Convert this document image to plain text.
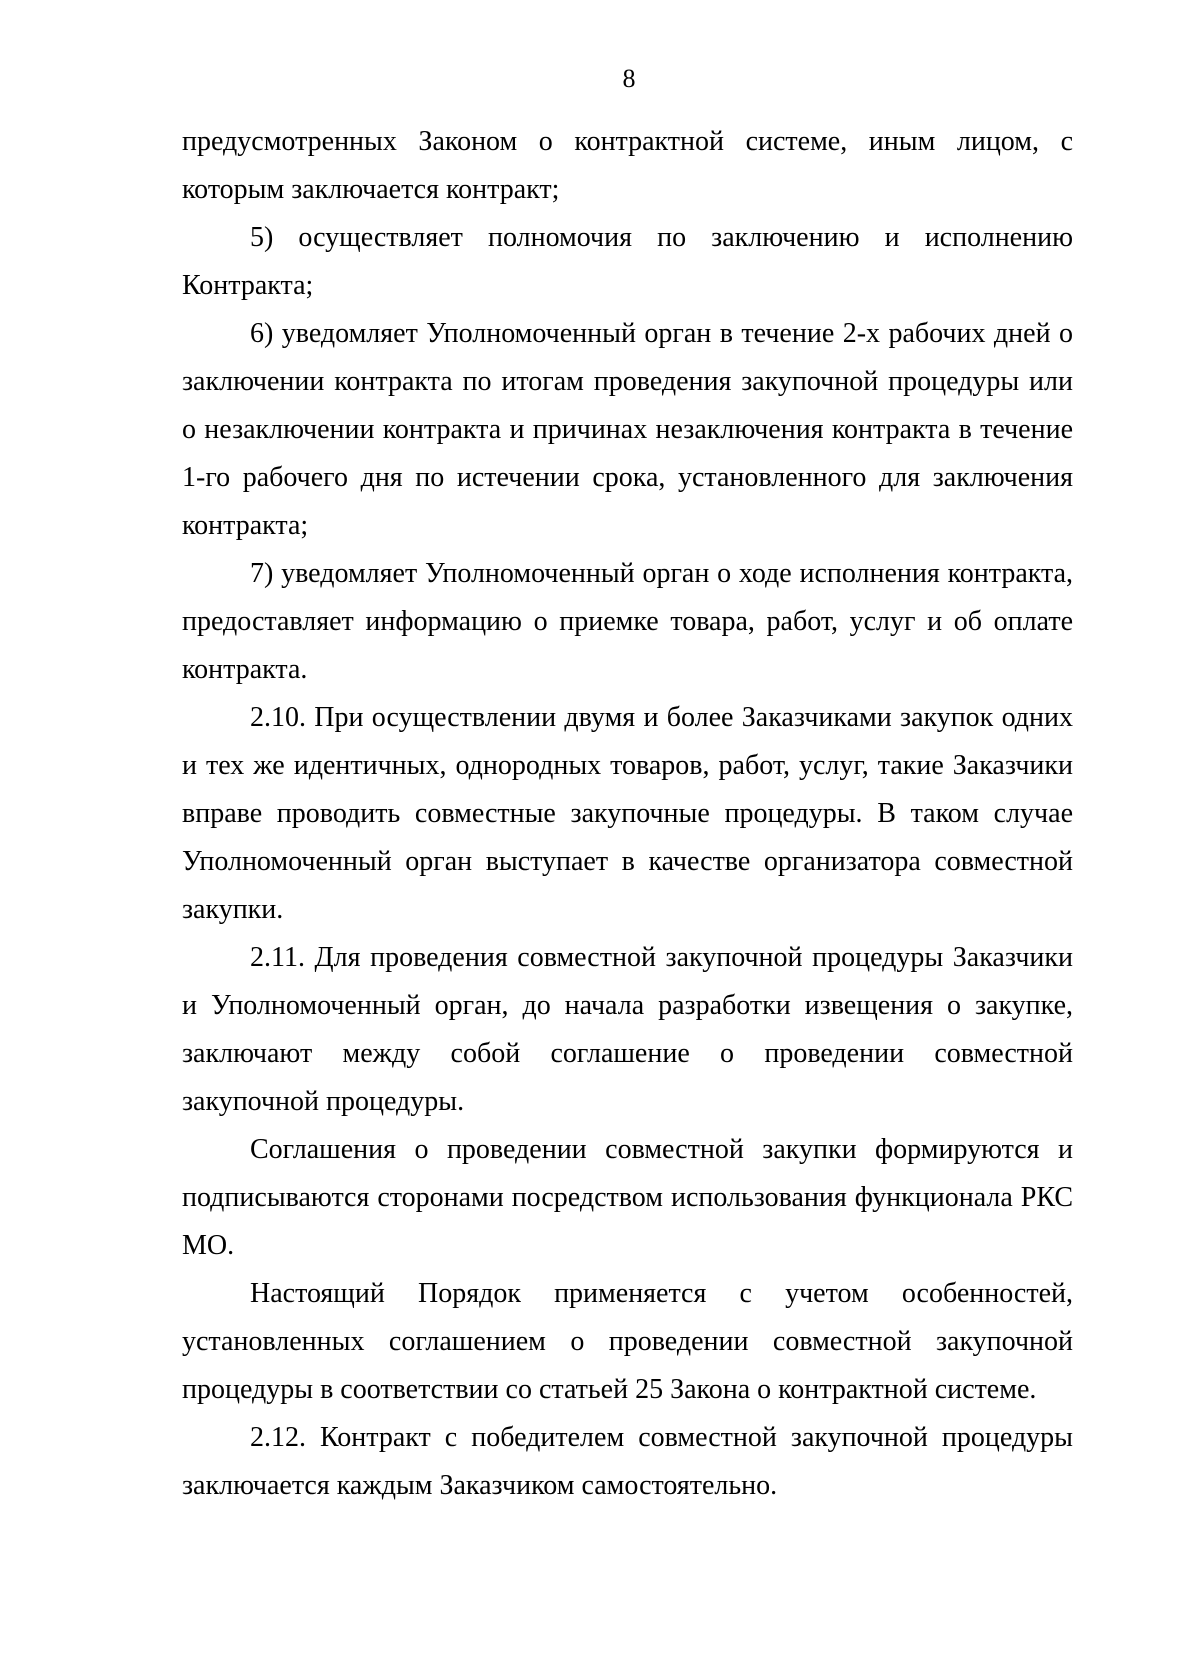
8

предусмотренных Законом о контрактной системе, иным лицом, с которым заключается контракт;

5) осуществляет полномочия по заключению и исполнению Контракта;

6) уведомляет Уполномоченный орган в течение 2-х рабочих дней о заключении контракта по итогам проведения закупочной процедуры или о незаключении контракта и причинах незаключения контракта в течение 1-го рабочего дня по истечении срока, установленного для заключения контракта;

7) уведомляет Уполномоченный орган о ходе исполнения контракта, предоставляет информацию о приемке товара, работ, услуг и об оплате контракта.

2.10. При осуществлении двумя и более Заказчиками закупок одних и тех же идентичных, однородных товаров, работ, услуг, такие Заказчики вправе проводить совместные закупочные процедуры. В таком случае Уполномоченный орган выступает в качестве организатора совместной закупки.

2.11. Для проведения совместной закупочной процедуры Заказчики и Уполномоченный орган, до начала разработки извещения о закупке, заключают между собой соглашение о проведении совместной закупочной процедуры.

Соглашения о проведении совместной закупки формируются и подписываются сторонами посредством использования функционала РКС МО.

Настоящий Порядок применяется с учетом особенностей, установленных соглашением о проведении совместной закупочной процедуры в соответствии со статьей 25 Закона о контрактной системе.

2.12. Контракт с победителем совместной закупочной процедуры заключается каждым Заказчиком самостоятельно.
